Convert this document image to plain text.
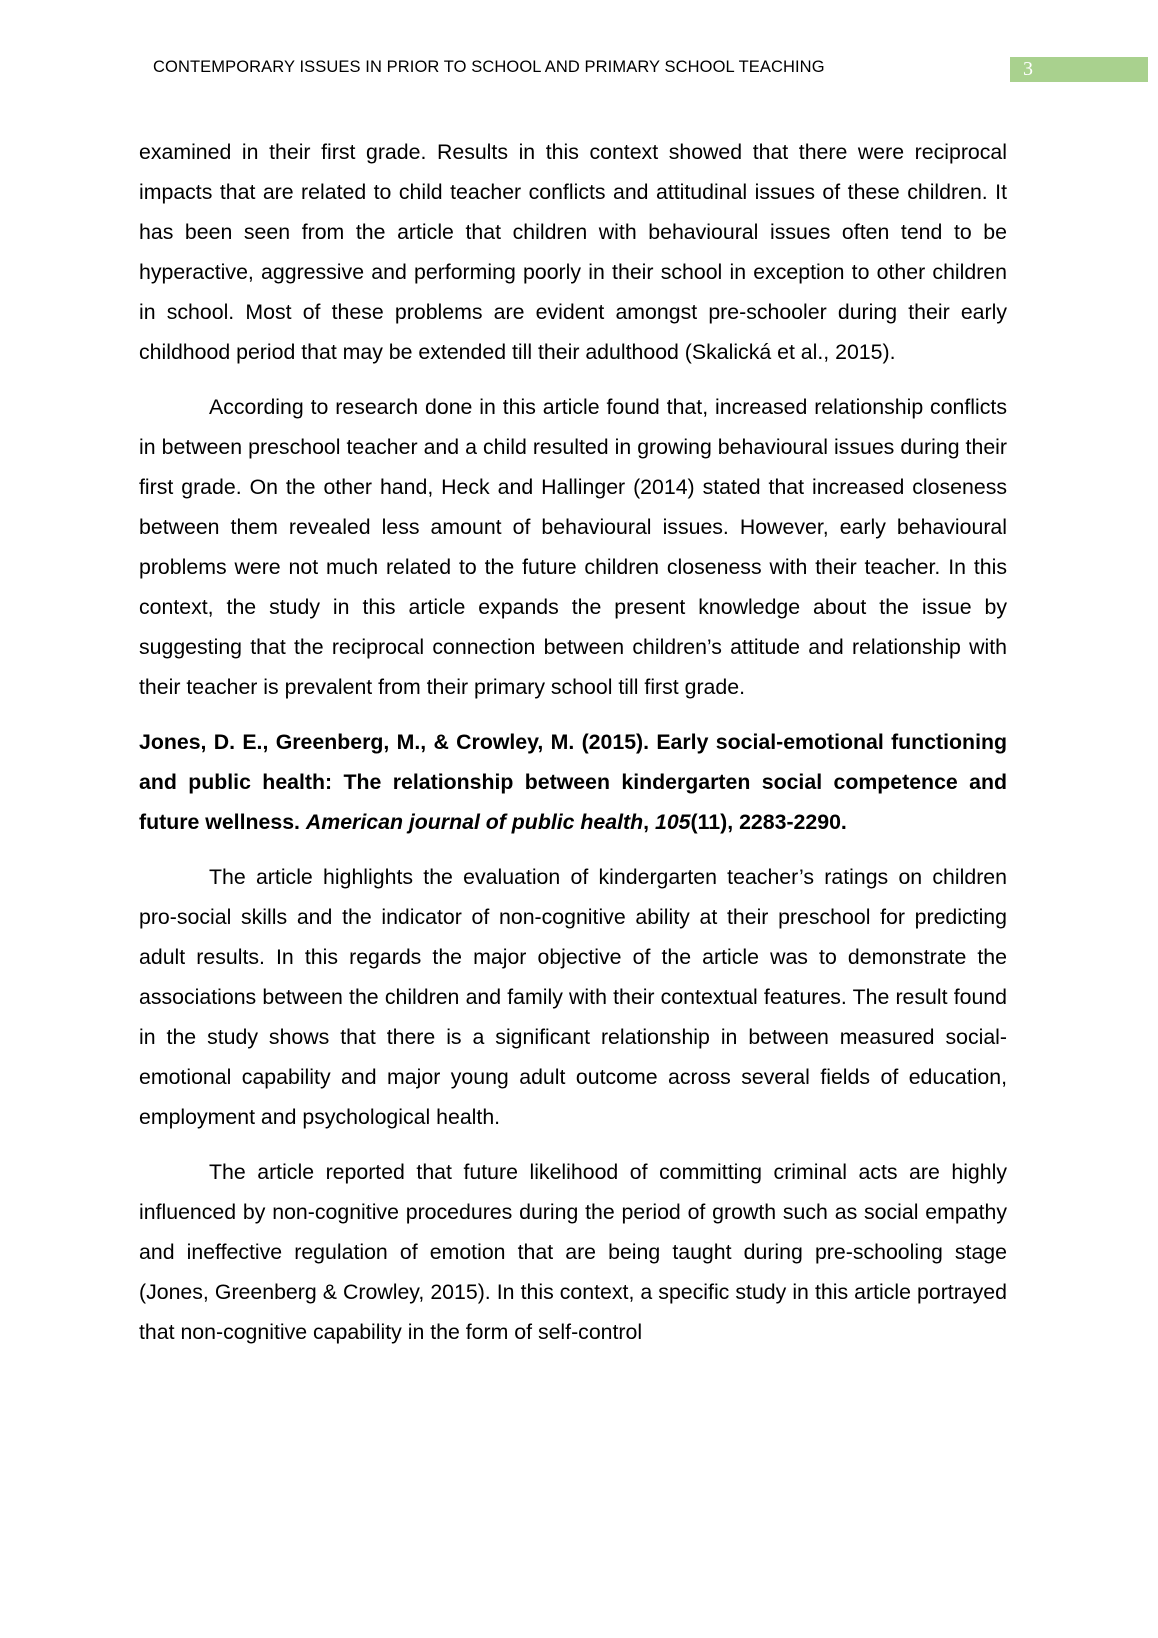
CONTEMPORARY ISSUES IN PRIOR TO SCHOOL AND PRIMARY SCHOOL TEACHING	3

examined in their first grade. Results in this context showed that there were reciprocal impacts that are related to child teacher conflicts and attitudinal issues of these children. It has been seen from the article that children with behavioural issues often tend to be hyperactive, aggressive and performing poorly in their school in exception to other children in school. Most of these problems are evident amongst pre-schooler during their early childhood period that may be extended till their adulthood (Skalická et al., 2015).

According to research done in this article found that, increased relationship conflicts in between preschool teacher and a child resulted in growing behavioural issues during their first grade. On the other hand, Heck and Hallinger (2014) stated that increased closeness between them revealed less amount of behavioural issues. However, early behavioural problems were not much related to the future children closeness with their teacher. In this context, the study in this article expands the present knowledge about the issue by suggesting that the reciprocal connection between children’s attitude and relationship with their teacher is prevalent from their primary school till first grade.

Jones, D. E., Greenberg, M., & Crowley, M. (2015). Early social-emotional functioning and public health: The relationship between kindergarten social competence and future wellness. American journal of public health, 105(11), 2283-2290.

The article highlights the evaluation of kindergarten teacher’s ratings on children pro-social skills and the indicator of non-cognitive ability at their preschool for predicting adult results. In this regards the major objective of the article was to demonstrate the associations between the children and family with their contextual features. The result found in the study shows that there is a significant relationship in between measured social-emotional capability and major young adult outcome across several fields of education, employment and psychological health.

The article reported that future likelihood of committing criminal acts are highly influenced by non-cognitive procedures during the period of growth such as social empathy and ineffective regulation of emotion that are being taught during pre-schooling stage (Jones, Greenberg & Crowley, 2015). In this context, a specific study in this article portrayed that non-cognitive capability in the form of self-control
